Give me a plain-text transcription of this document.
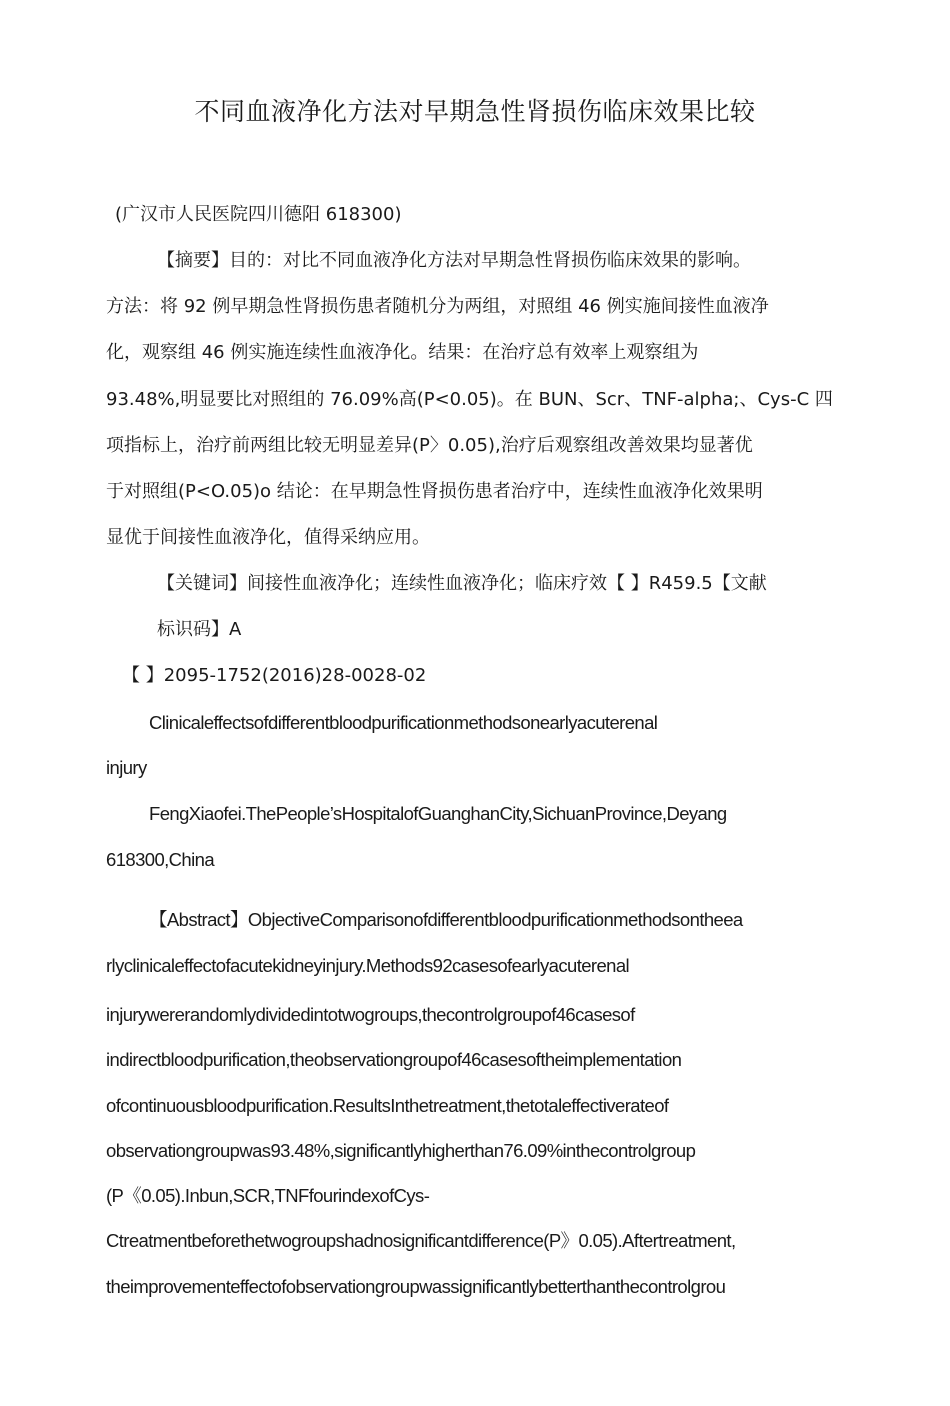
不同血液净化方法对早期急性肾损伤临床效果比较
(广汉市人民医院四川德阳 618300)
【摘要】目的：对比不同血液净化方法对早期急性肾损伤临床效果的影响。
方法：将 92 例早期急性肾损伤患者随机分为两组，对照组 46 例实施间接性血液净
化，观察组 46 例实施连续性血液净化。结果：在治疗总有效率上观察组为
93.48%,明显要比对照组的 76.09%高(P<0.05)。在 BUN、Scr、TNF-alpha;、Cys-C 四
项指标上，治疗前两组比较无明显差异(P〉0.05),治疗后观察组改善效果均显著优
于对照组(P<O.05)o 结论：在早期急性肾损伤患者治疗中，连续性血液净化效果明
显优于间接性血液净化，值得采纳应用。
【关键词】间接性血液净化；连续性血液净化；临床疗效【 】R459.5【文献
标识码】A
【 】2095-1752(2016)28-0028-02
Clinicaleffectsofdifferentbloodpurificationmethodsonearlyacuterenal
injury
FengXiaofei.ThePeople’sHospitalofGuanghanCity,SichuanProvince,Deyang
618300,China
【Abstract】ObjectiveComparisonofdifferentbloodpurificationmethodsontheea
rlyclinicaleffectofacutekidneyinjury.Methods92casesofearlyacuterenal
injurywererandomlydividedintotwogroups,thecontrolgroupof46casesof
indirectbloodpurification,theobservationgroupof46casesoftheimplementation
ofcontinuousbloodpurification.ResultsInthetreatment,thetotaleffectiverateof
observationgroupwas93.48%,significantlyhigherthan76.09%inthecontrolgroup
(P《0.05).Inbun,SCR,TNFfourindexofCys-
Ctreatmentbeforethetwogroupshadnosignificantdifference(P》0.05).Aftertreatment,
theimprovementeffectofobservationgroupwassignificantlybetterthanthecontrolgrou
